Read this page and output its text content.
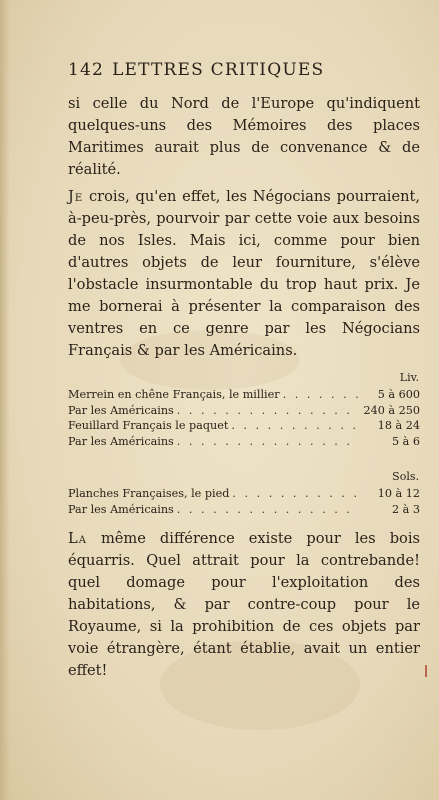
142 LETTRES CRITIQUES
si celle du Nord de l'Europe qu'indiquent quelques-uns des Mémoires des places Maritimes aurait plus de convenance & de réalité.
Je crois, qu'en effet, les Négocians pourraient, à-peu-près, pourvoir par cette voie aux besoins de nos Isles. Mais ici, comme pour bien d'autres objets de leur fourniture, s'élève l'obstacle insurmontable du trop haut prix. Je me bornerai à présenter la comparaison des ventres en ce genre par les Négocians Français & par les Américains.
Liv.
Merrein en chêne Français, le millier . . .	5 à 600
Par les Américains . . .	240 à 250
Feuillard Français le paquet . . .	18 à 24
Par les Américains . . .	5 à 6
Sols.
Planches Françaises, le pied . . .	10 à 12
Par les Américains . . .	2 à 3
La même différence existe pour les bois équarris. Quel attrait pour la contrebande! quel domage pour l'exploitation des habitations, & par contre-coup pour le Royaume, si la prohibition de ces objets par voie étrangère, étant établie, avait un entier effet!
